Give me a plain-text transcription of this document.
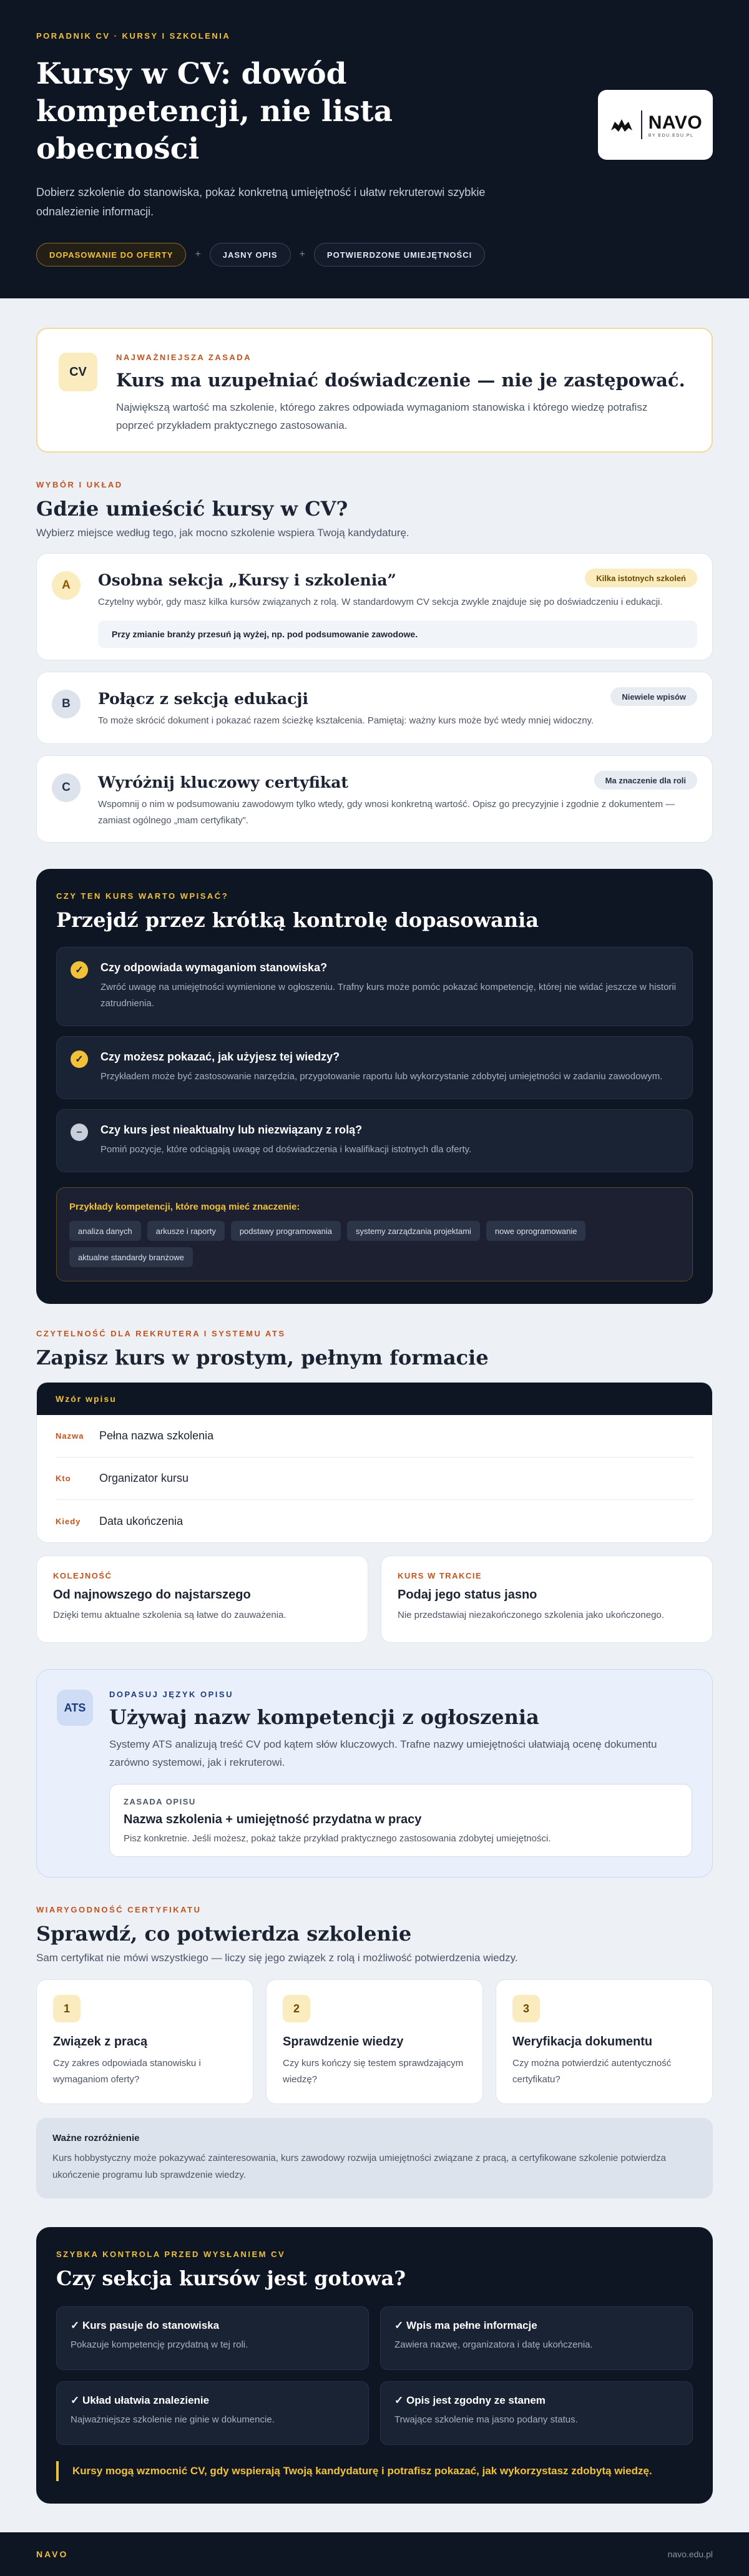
PORADNIK CV · KURSY I SZKOLENIA
Kursy w CV: dowód kompetencji, nie lista obecności

Dobierz szkolenie do stanowiska, pokaż konkretną umiejętność i ułatw rekruterowi szybkie odnalezienie informacji.

DOPASOWANIE DO OFERTY	+	JASNY OPIS	+	POTWIERDZONE UMIEJĘTNOŚCI
NAVO
BY EDU.EDU.PL
CV
NAJWAŻNIEJSZA ZASADA
Kurs ma uzupełniać doświadczenie — nie je zastępować.

Największą wartość ma szkolenie, którego zakres odpowiada wymaganiom stanowiska i którego wiedzę potrafisz poprzeć przykładem praktycznego zastosowania.

WYBÓR I UKŁAD
Gdzie umieścić kursy w CV?

Wybierz miejsce według tego, jak mocno szkolenie wspiera Twoją kandydaturę.

A	Osobna sekcja „Kursy i szkolenia”

Czytelny wybór, gdy masz kilka kursów związanych z rolą. W standardowym CV sekcja zwykle znajduje się po doświadczeniu i edukacji.

Przy zmianie branży przesuń ją wyżej, np. pod podsumowanie zawodowe.
Kilka istotnych szkoleń
B	Połącz z sekcją edukacji

To może skrócić dokument i pokazać razem ścieżkę kształcenia. Pamiętaj: ważny kurs może być wtedy mniej widoczny.

Niewiele wpisów
C	Wyróżnij kluczowy certyfikat

Wspomnij o nim w podsumowaniu zawodowym tylko wtedy, gdy wnosi konkretną wartość. Opisz go precyzyjnie i zgodnie z dokumentem — zamiast ogólnego „mam certyfikaty”.

Ma znaczenie dla roli
CZY TEN KURS WARTO WPISAĆ?
Przejdź przez krótką kontrolę dopasowania
✓	Czy odpowiada wymaganiom stanowiska?

Zwróć uwagę na umiejętności wymienione w ogłoszeniu. Trafny kurs może pomóc pokazać kompetencję, której nie widać jeszcze w historii zatrudnienia.

✓	Czy możesz pokazać, jak użyjesz tej wiedzy?

Przykładem może być zastosowanie narzędzia, przygotowanie raportu lub wykorzystanie zdobytej umiejętności w zadaniu zawodowym.

–	Czy kurs jest nieaktualny lub niezwiązany z rolą?

Pomiń pozycje, które odciągają uwagę od doświadczenia i kwalifikacji istotnych dla oferty.

Przykłady kompetencji, które mogą mieć znaczenie:
analiza danych	arkusze i raporty	podstawy programowania	systemy zarządzania projektami	nowe oprogramowanie
aktualne standardy branżowe
CZYTELNOŚĆ DLA REKRUTERA I SYSTEMU ATS
Zapisz kurs w prostym, pełnym formacie
Wzór wpisu
Nazwa	Pełna nazwa szkolenia
Kto	Organizator kursu
Kiedy	Data ukończenia
KOLEJNOŚĆ
Od najnowszego do najstarszego

Dzięki temu aktualne szkolenia są łatwe do zauważenia.

KURS W TRAKCIE
Podaj jego status jasno

Nie przedstawiaj niezakończonego szkolenia jako ukończonego.

ATS
DOPASUJ JĘZYK OPISU
Używaj nazw kompetencji z ogłoszenia

Systemy ATS analizują treść CV pod kątem słów kluczowych. Trafne nazwy umiejętności ułatwiają ocenę dokumentu zarówno systemowi, jak i rekruterowi.

ZASADA OPISU
Nazwa szkolenia + umiejętność przydatna w pracy

Pisz konkretnie. Jeśli możesz, pokaż także przykład praktycznego zastosowania zdobytej umiejętności.

WIARYGODNOŚĆ CERTYFIKATU
Sprawdź, co potwierdza szkolenie

Sam certyfikat nie mówi wszystkiego — liczy się jego związek z rolą i możliwość potwierdzenia wiedzy.

1
Związek z pracą

Czy zakres odpowiada stanowisku i wymaganiom oferty?

2
Sprawdzenie wiedzy

Czy kurs kończy się testem sprawdzającym wiedzę?

3
Weryfikacja dokumentu

Czy można potwierdzić autentyczność certyfikatu?

Ważne rozróżnienie

Kurs hobbystyczny może pokazywać zainteresowania, kurs zawodowy rozwija umiejętności związane z pracą, a certyfikowane szkolenie potwierdza ukończenie programu lub sprawdzenie wiedzy.

SZYBKA KONTROLA PRZED WYSŁANIEM CV
Czy sekcja kursów jest gotowa?
✓ Kurs pasuje do stanowiska

Pokazuje kompetencję przydatną w tej roli.

✓ Wpis ma pełne informacje

Zawiera nazwę, organizatora i datę ukończenia.

✓ Układ ułatwia znalezienie

Najważniejsze szkolenie nie ginie w dokumencie.

✓ Opis jest zgodny ze stanem

Trwające szkolenie ma jasno podany status.

Kursy mogą wzmocnić CV, gdy wspierają Twoją kandydaturę i potrafisz pokazać, jak wykorzystasz zdobytą wiedzę.
NAVO	navo.edu.pl
